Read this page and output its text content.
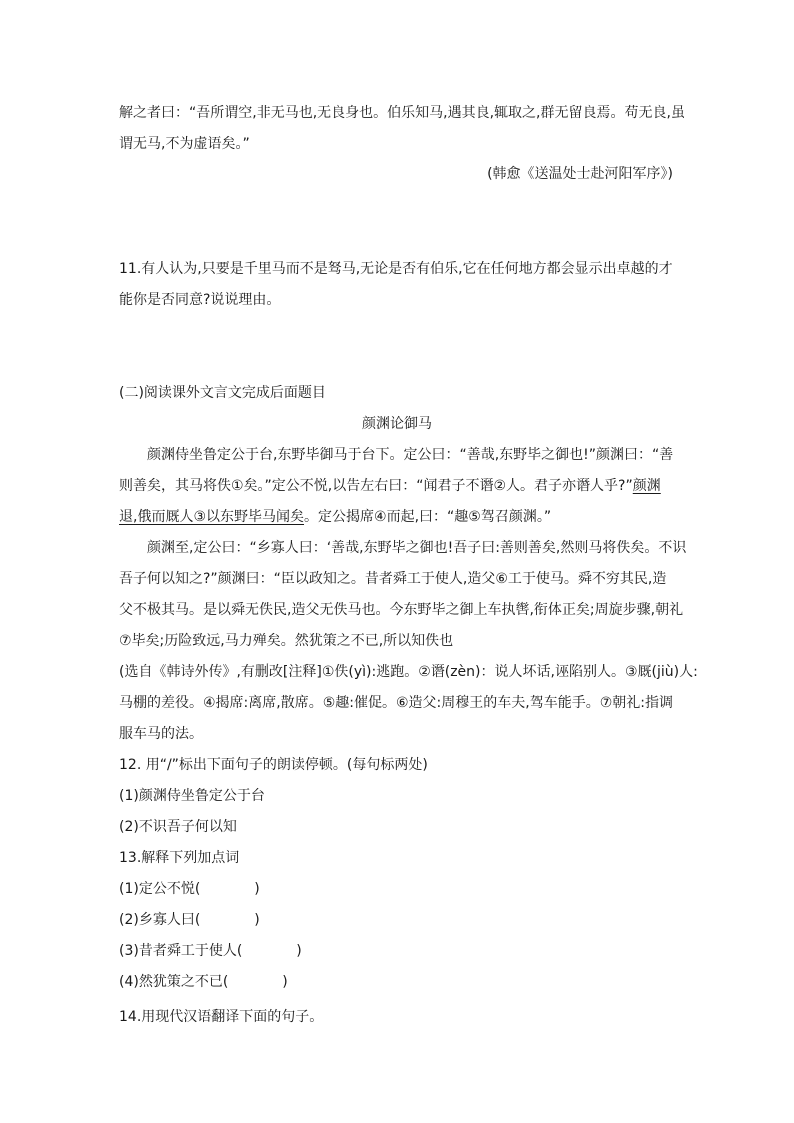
解之者曰：“吾所谓空,非无马也,无良身也。伯乐知马,遇其良,辄取之,群无留良焉。苟无良,虽
谓无马,不为虚语矣。”
(韩愈《送温处士赴河阳军序》)
11.有人认为,只要是千里马而不是驽马,无论是否有伯乐,它在任何地方都会显示出卓越的才
能你是否同意?说说理由。
(二)阅读课外文言文完成后面题目
颜渊论御马
颜渊侍坐鲁定公于台,东野毕御马于台下。定公曰：“善哉,东野毕之御也!”颜渊曰：“善
则善矣，其马将佚①矣。”定公不悦,以告左右曰：“闻君子不谮②人。君子亦谮人乎?”颜渊
退,俄而厩人③以东野毕马闻矣。定公揭席④而起,曰：“趣⑤驾召颜渊。”
颜渊至,定公曰：“乡寡人曰：‘善哉,东野毕之御也!吾子曰:善则善矣,然则马将佚矣。不识
吾子何以知之?”颜渊曰：“臣以政知之。昔者舜工于使人,造父⑥工于使马。舜不穷其民,造
父不极其马。是以舜无佚民,造父无佚马也。今东野毕之御上车执辔,衔体正矣;周旋步骤,朝礼
⑦毕矣;历险致远,马力殚矣。然犹策之不已,所以知佚也
(选自《韩诗外传》,有删改[注释]①佚(yì):逃跑。②谮(zèn)：说人坏话,诬陷别人。③厩(jiù)人:
马棚的差役。④揭席:离席,散席。⑤趣:催促。⑥造父:周穆王的车夫,驾车能手。⑦朝礼:指调
服车马的法。
12. 用“/”标出下面句子的朗读停顿。(每句标两处)
(1)颜渊侍坐鲁定公于台
(2)不识吾子何以知
13.解释下列加点词
(1)定公不悦(	)
(2)乡寡人曰(	)
(3)昔者舜工于使人(	)
(4)然犹策之不已(	)
14.用现代汉语翻译下面的句子。
